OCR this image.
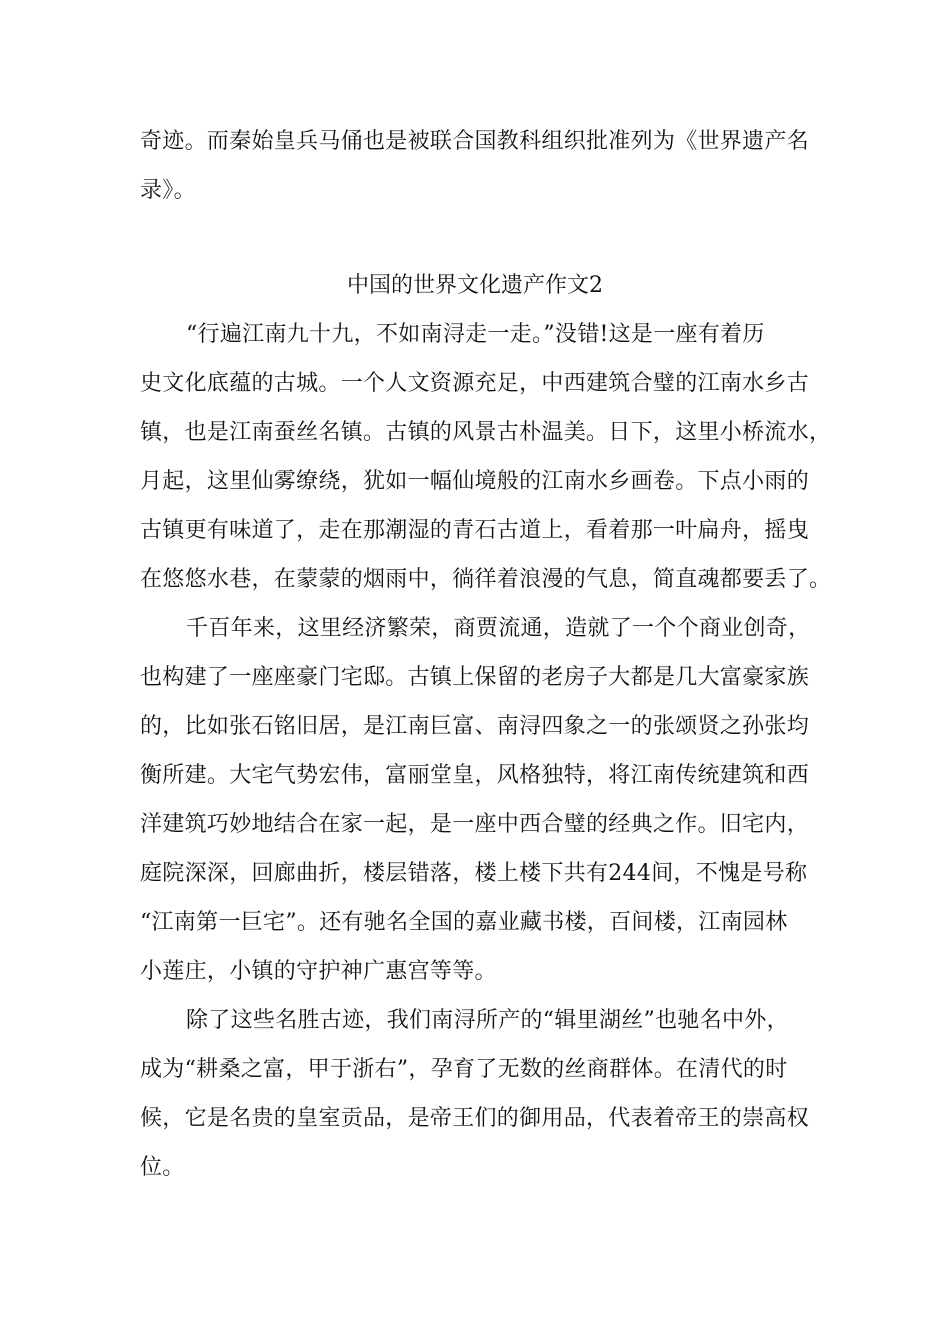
奇迹。而秦始皇兵马俑也是被联合国教科组织批准列为《世界遗产名
录》。
中国的世界文化遗产作文2
“行遍江南九十九，不如南浔走一走。”没错!这是一座有着历
史文化底蕴的古城。一个人文资源充足，中西建筑合璧的江南水乡古
镇，也是江南蚕丝名镇。古镇的风景古朴温美。日下，这里小桥流水，
月起，这里仙雾缭绕，犹如一幅仙境般的江南水乡画卷。下点小雨的
古镇更有味道了，走在那潮湿的青石古道上，看着那一叶扁舟，摇曳
在悠悠水巷，在蒙蒙的烟雨中，徜徉着浪漫的气息，简直魂都要丢了。
千百年来，这里经济繁荣，商贾流通，造就了一个个商业创奇，
也构建了一座座豪门宅邸。古镇上保留的老房子大都是几大富豪家族
的，比如张石铭旧居，是江南巨富、南浔四象之一的张颂贤之孙张均
衡所建。大宅气势宏伟，富丽堂皇，风格独特，将江南传统建筑和西
洋建筑巧妙地结合在家一起，是一座中西合璧的经典之作。旧宅内，
庭院深深，回廊曲折，楼层错落，楼上楼下共有244间，不愧是号称
“江南第一巨宅”。还有驰名全国的嘉业藏书楼，百间楼，江南园林
小莲庄，小镇的守护神广惠宫等等。
除了这些名胜古迹，我们南浔所产的“辑里湖丝”也驰名中外，
成为“耕桑之富，甲于浙右”，孕育了无数的丝商群体。在清代的时
候，它是名贵的皇室贡品，是帝王们的御用品，代表着帝王的崇高权
位。
